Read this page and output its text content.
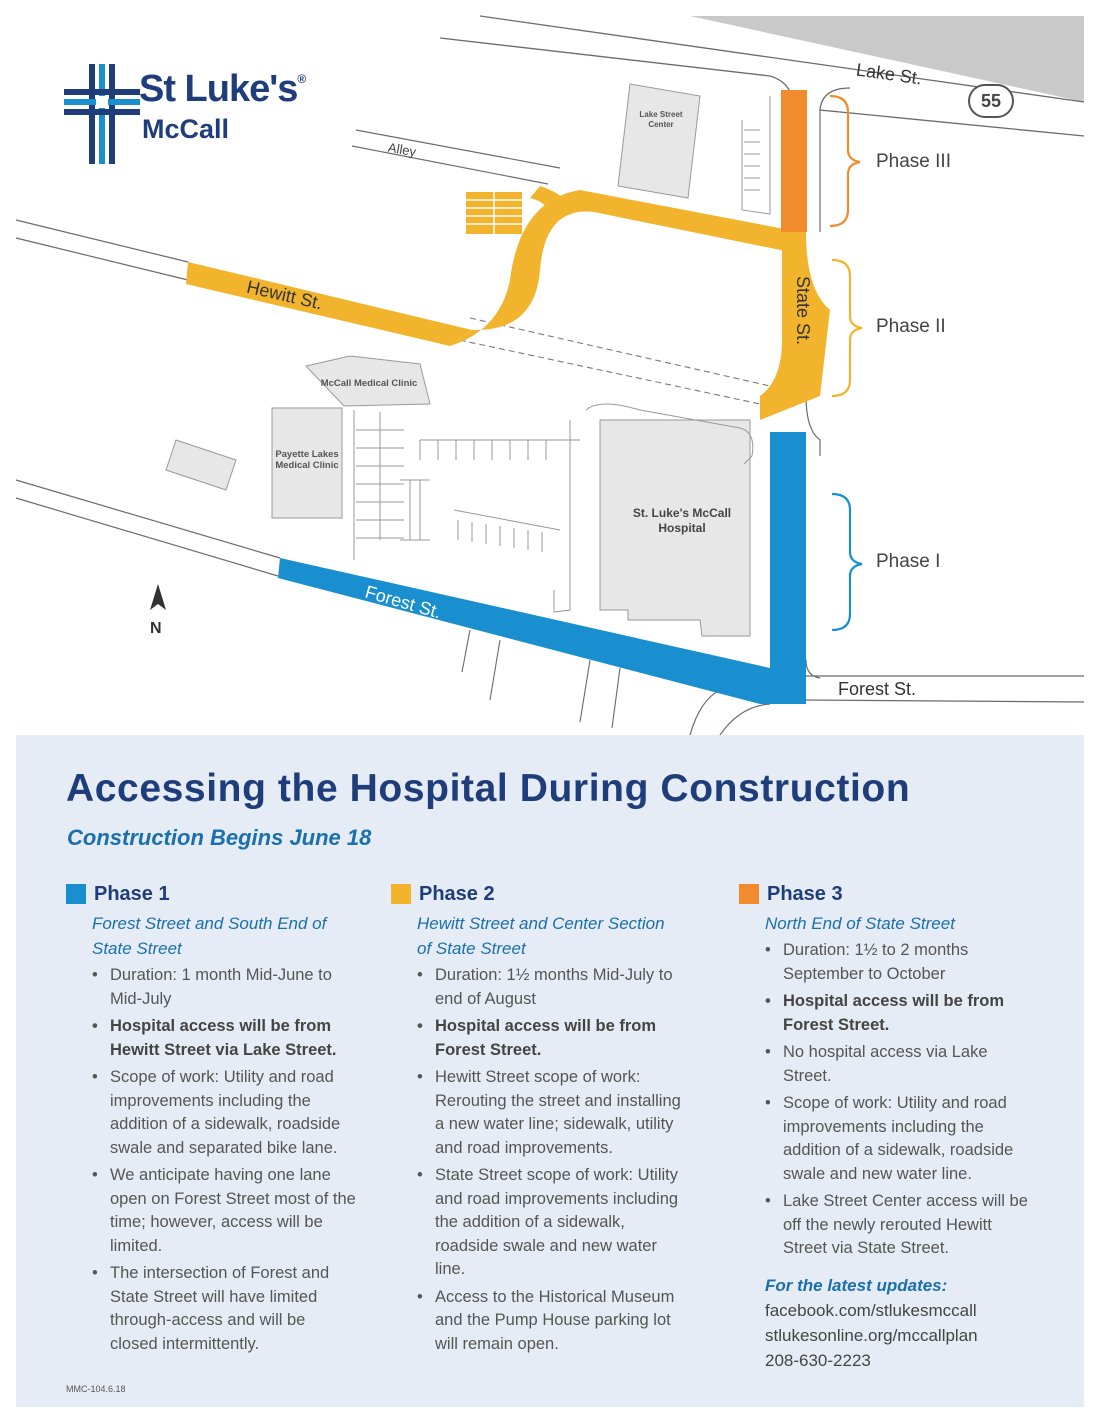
St Luke's®
McCall
Lake St.
55
Alley
Hewitt St.	State St.
Forest St.
Forest St.
Lake Street Center
McCall Medical Clinic
Payette Lakes Medical Clinic
St. Luke's McCall Hospital
Phase III
Phase II
Phase I
N
Accessing the Hospital During Construction
Construction Begins June 18
Phase 1
Forest Street and South End of State Street
• Duration: 1 month Mid-June to Mid-July
• Hospital access will be from Hewitt Street via Lake Street.
• Scope of work: Utility and road improvements including the addition of a sidewalk, roadside swale and separated bike lane.
• We anticipate having one lane open on Forest Street most of the time; however, access will be limited.
• The intersection of Forest and State Street will have limited through-access and will be closed intermittently.
Phase 2
Hewitt Street and Center Section of State Street
• Duration: 1½ months Mid-July to end of August
• Hospital access will be from Forest Street.
• Hewitt Street scope of work: Rerouting the street and installing a new water line; sidewalk, utility and road improvements.
• State Street scope of work: Utility and road improvements including the addition of a sidewalk, roadside swale and new water line.
• Access to the Historical Museum and the Pump House parking lot will remain open.
Phase 3
North End of State Street
• Duration: 1½ to 2 months September to October
• Hospital access will be from Forest Street.
• No hospital access via Lake Street.
• Scope of work: Utility and road improvements including the addition of a sidewalk, roadside swale and new water line.
• Lake Street Center access will be off the newly rerouted Hewitt Street via State Street.
For the latest updates:
facebook.com/stlukesmccall
stlukesonline.org/mccallplan
208-630-2223
MMC-104.6.18
